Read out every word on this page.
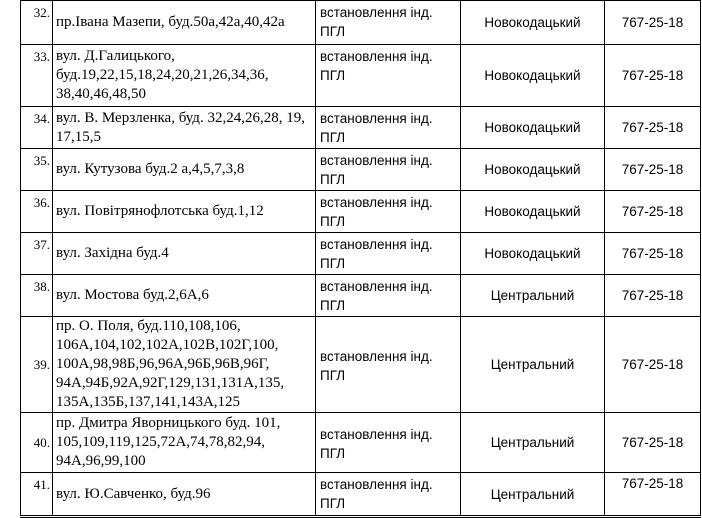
32.	пр.Івана Мазепи, буд.50а,42а,40,42а	встановлення інд. ПГЛ	Новокодацький	767-25-18
33.	вул. Д.Галицького, буд.19,22,15,18,24,20,21,26,34,36, 38,40,46,48,50	встановлення інд. ПГЛ	Новокодацький	767-25-18
34.	вул. В. Мерзленка, буд. 32,24,26,28, 19, 17,15,5	встановлення інд. ПГЛ	Новокодацький	767-25-18
35.	вул. Кутузова буд.2 а,4,5,7,3,8	встановлення інд. ПГЛ	Новокодацький	767-25-18
36.	вул. Повітрянофлотська буд.1,12	встановлення інд. ПГЛ	Новокодацький	767-25-18
37.	вул. Західна буд.4	встановлення інд. ПГЛ	Новокодацький	767-25-18
38.	вул. Мостова буд.2,6А,6	встановлення інд. ПГЛ	Центральний	767-25-18
39.	пр. О. Поля, буд.110,108,106, 106А,104,102,102А,102В,102Г,100, 100А,98,98Б,96,96А,96Б,96В,96Г, 94А,94Б,92А,92Г,129,131,131А,135, 135А,135Б,137,141,143А,125	встановлення інд. ПГЛ	Центральний	767-25-18
40.	пр. Дмитра Яворницького буд. 101, 105,109,119,125,72А,74,78,82,94, 94А,96,99,100	встановлення інд. ПГЛ	Центральний	767-25-18
41.	вул. Ю.Савченко, буд.96	встановлення інд. ПГЛ	Центральний	767-25-18
